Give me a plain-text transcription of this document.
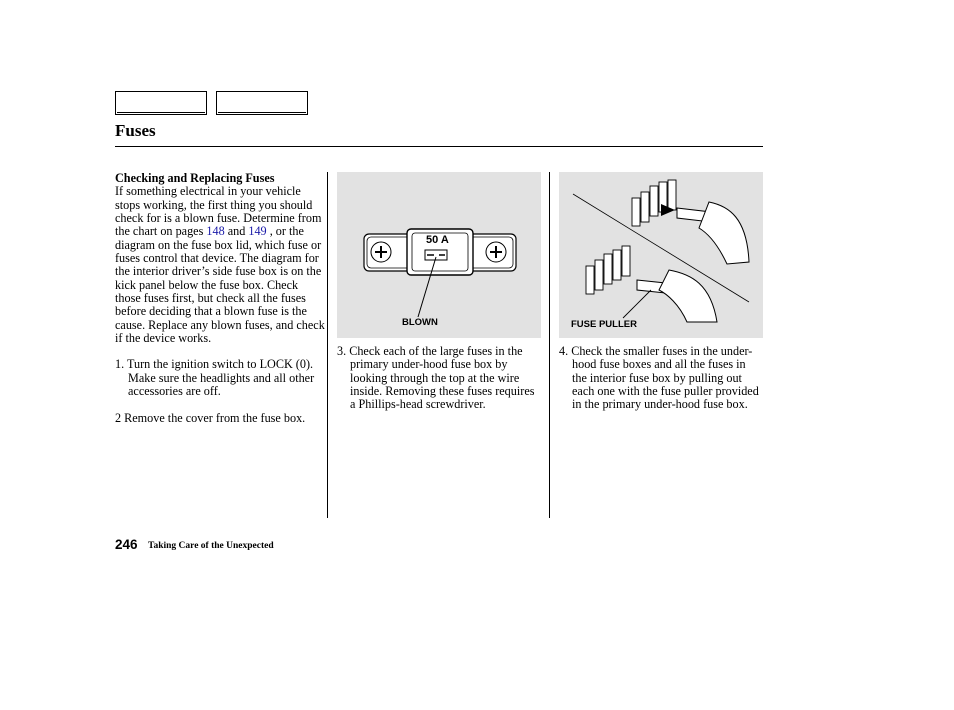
Fuses
Checking and Replacing Fuses
If something electrical in your vehicle stops working, the first thing you should check for is a blown fuse. Determine from the chart on pages 148 and 149 , or the diagram on the fuse box lid, which fuse or fuses control that device. The diagram for the interior driver’s side fuse box is on the kick panel below the fuse box. Check those fuses first, but check all the fuses before deciding that a blown fuse is the cause. Replace any blown fuses, and check if the device works.
1. Turn the ignition switch to LOCK (0). Make sure the headlights and all other accessories are off.
2 Remove the cover from the fuse box.
50 A
BLOWN
3. Check each of the large fuses in the primary under-hood fuse box by looking through the top at the wire inside. Removing these fuses requires a Phillips-head screwdriver.
FUSE PULLER
4. Check the smaller fuses in the under-hood fuse boxes and all the fuses in the interior fuse box by pulling out each one with the fuse puller provided in the primary under-hood fuse box.
246 Taking Care of the Unexpected
